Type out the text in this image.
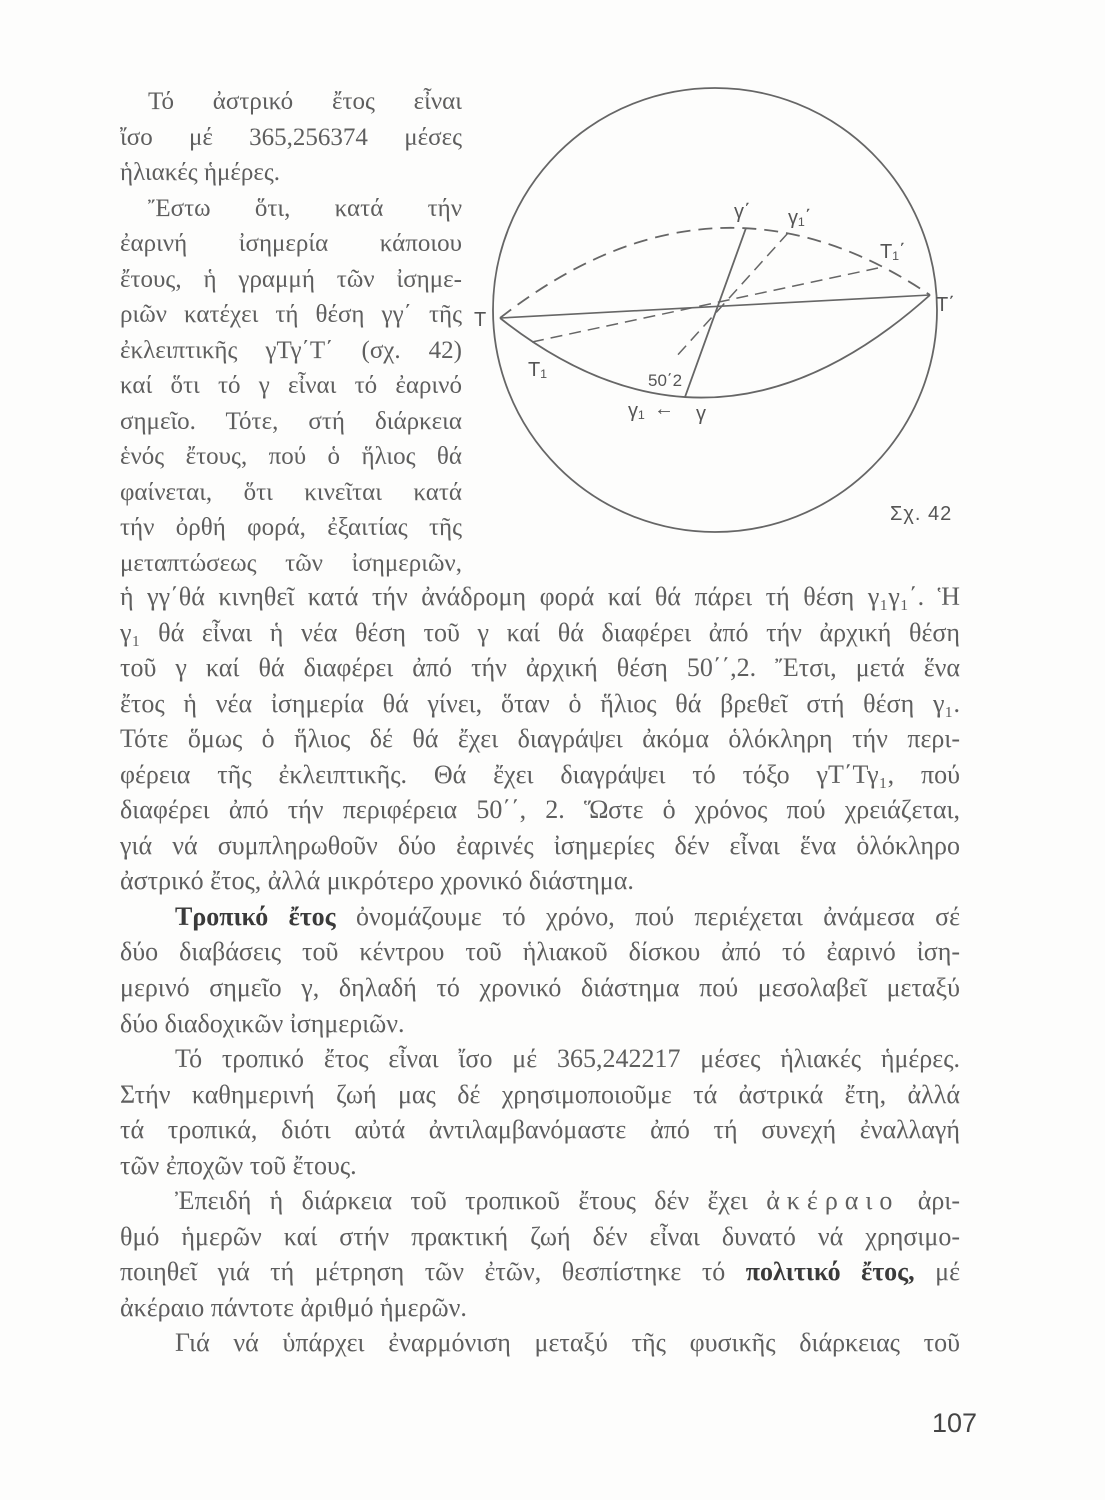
T
T΄
T₁
T₁΄
γ΄ γ₁΄
50΄2
γ₁ ← γ
Σχ. 42
Τό ἀστρικό ἔτος εἶναι
ἴσο μέ 365,256374 μέσες
ἡλιακές ἡμέρες.
Ἔστω ὅτι, κατά τήν
ἐαρινή ἰσημερία κάποιου
ἔτους, ἡ γραμμή τῶν ἰσημε-
ριῶν κατέχει τή θέση γγ΄ τῆς
ἐκλειπτικῆς γΤγ΄Τ΄ (σχ. 42)
καί ὅτι τό γ εἶναι τό ἐαρινό
σημεῖο. Τότε, στή διάρκεια
ἑνός ἔτους, πού ὁ ἥλιος θά
φαίνεται, ὅτι κινεῖται κατά
τήν ὀρθή φορά, ἐξαιτίας τῆς
μεταπτώσεως τῶν ἰσημεριῶν,
ἡ γγ΄θά κινηθεῖ κατά τήν ἀνάδρομη φορά καί θά πάρει τή θέση γ₁γ₁΄. Ἡ
γ₁ θά εἶναι ἡ νέα θέση τοῦ γ καί θά διαφέρει ἀπό τήν ἀρχική θέση
τοῦ γ καί θά διαφέρει ἀπό τήν ἀρχική θέση 50΄΄,2. Ἔτσι, μετά ἕνα
ἔτος ἡ νέα ἰσημερία θά γίνει, ὅταν ὁ ἥλιος θά βρεθεῖ στή θέση γ₁.
Τότε ὅμως ὁ ἥλιος δέ θά ἔχει διαγράψει ἀκόμα ὁλόκληρη τήν περι-
φέρεια τῆς ἐκλειπτικῆς. Θά ἔχει διαγράψει τό τόξο γΤ΄Τγ₁, πού
διαφέρει ἀπό τήν περιφέρεια 50΄΄, 2. Ὥστε ὁ χρόνος πού χρειάζεται,
γιά νά συμπληρωθοῦν δύο ἐαρινές ἰσημερίες δέν εἶναι ἕνα ὁλόκληρο
ἀστρικό ἔτος, ἀλλά μικρότερο χρονικό διάστημα.
Τροπικό ἔτος ὀνομάζουμε τό χρόνο, πού περιέχεται ἀνάμεσα σέ
δύο διαβάσεις τοῦ κέντρου τοῦ ἡλιακοῦ δίσκου ἀπό τό ἐαρινό ἰση-
μερινό σημεῖο γ, δηλαδή τό χρονικό διάστημα πού μεσολαβεῖ μεταξύ
δύο διαδοχικῶν ἰσημεριῶν.
Τό τροπικό ἔτος εἶναι ἴσο μέ 365,242217 μέσες ἡλιακές ἡμέρες.
Στήν καθημερινή ζωή μας δέ χρησιμοποιοῦμε τά ἀστρικά ἔτη, ἀλλά
τά τροπικά, διότι αὐτά ἀντιλαμβανόμαστε ἀπό τή συνεχή ἐναλλαγή
τῶν ἐποχῶν τοῦ ἔτους.
Ἐπειδή ἡ διάρκεια τοῦ τροπικοῦ ἔτους δέν ἔχει ἀκέραιο ἀρι-
θμό ἡμερῶν καί στήν πρακτική ζωή δέν εἶναι δυνατό νά χρησιμο-
ποιηθεῖ γιά τή μέτρηση τῶν ἐτῶν, θεσπίστηκε τό πολιτικό ἔτος, μέ
ἀκέραιο πάντοτε ἀριθμό ἡμερῶν.
Γιά νά ὑπάρχει ἐναρμόνιση μεταξύ τῆς φυσικῆς διάρκειας τοῦ
107
